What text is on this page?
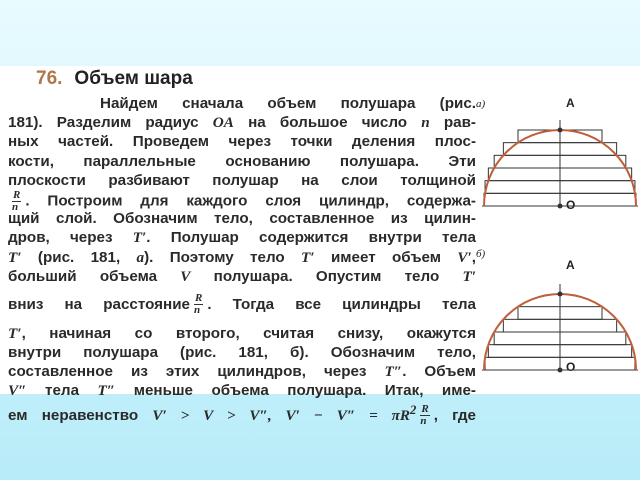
76. Объем шара
Найдем сначала объем полушара (рис.
181). Разделим радиус OA на большое число n рав-
ных частей. Проведем через точки деления плос-
кости, параллельные основанию полушара. Эти
плоскости разбивают полушар на слои толщиной
$\frac{R}{n}$ . Построим для каждого слоя цилиндр, содержа-
щий слой. Обозначим тело, составленное из цилин-
дров, через T′. Полушар содержится внутри тела
T′ (рис. 181, а). Поэтому тело T′ имеет объем V′,
больший объема V полушара. Опустим тело T′
вниз на расстояние $\frac{R}{n}$ . Тогда все цилиндры тела
T′, начиная со второго, считая снизу, окажутся
внутри полушара (рис. 181, б). Обозначим тело,
составленное из этих цилиндров, через T″. Объем
V″ тела T″ меньше объема полушара. Итак, име-
ем неравенство V′ > V > V″, $V' - V'' = \pi R^2 \frac{R}{n}$ , где
а)	A
O
б)
A
O
